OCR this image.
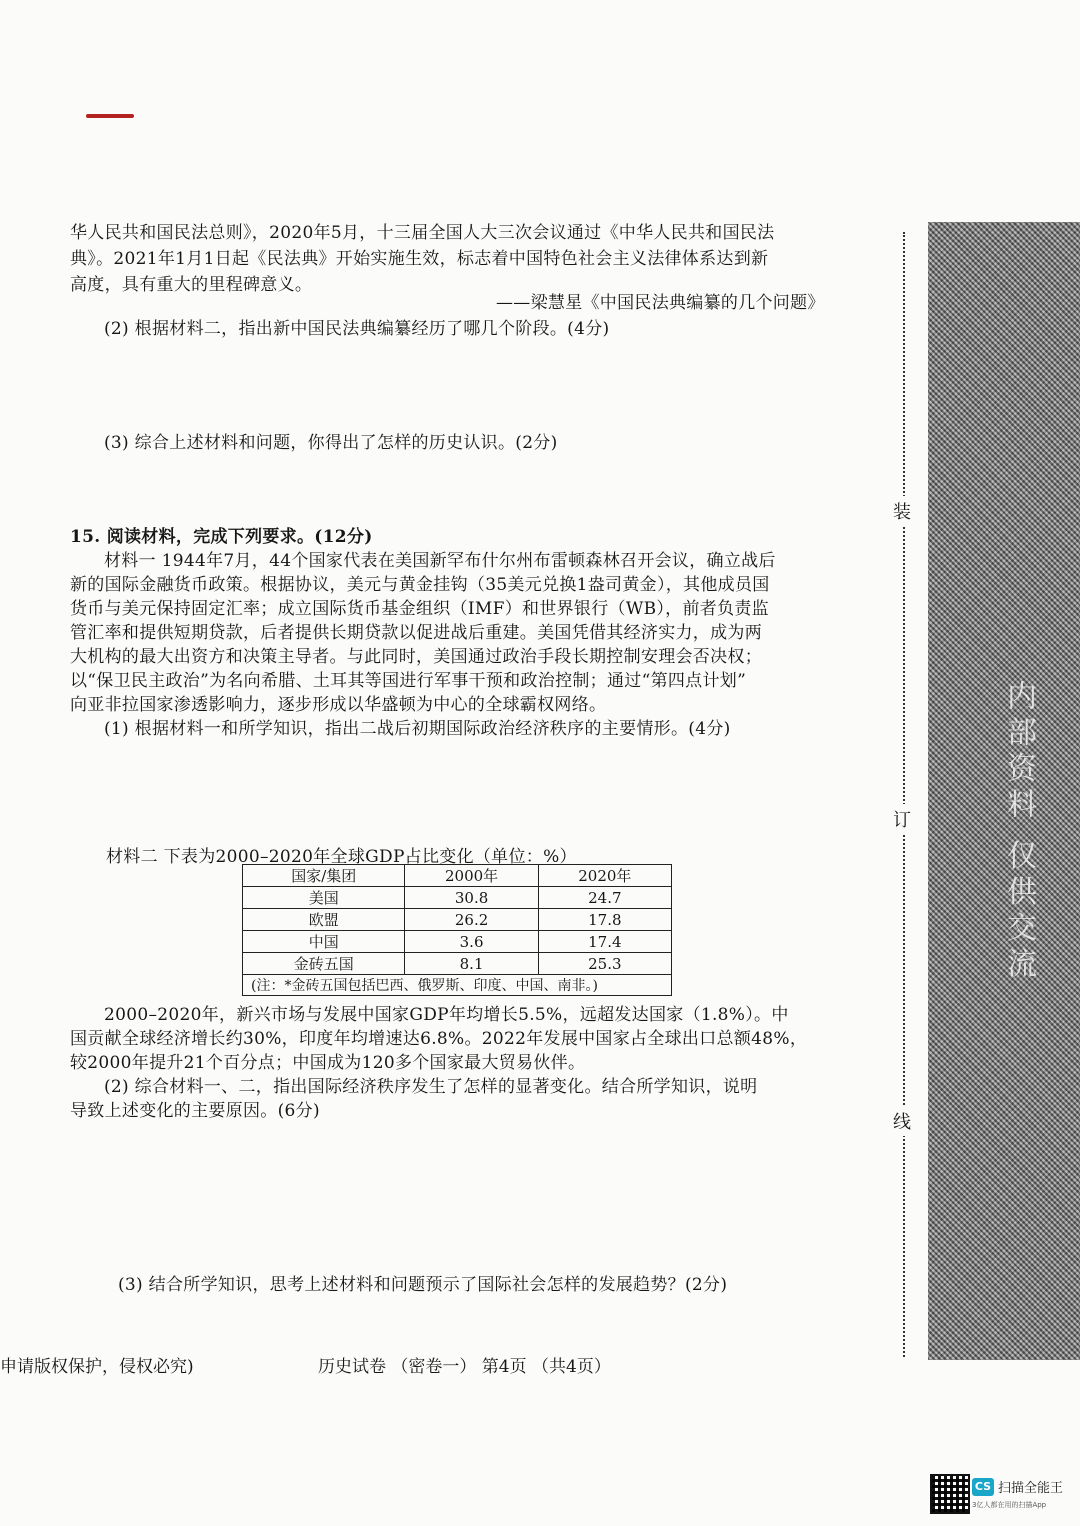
华人民共和国民法总则》，2020年5月，十三届全国人大三次会议通过《中华人民共和国民法
典》。2021年1月1日起《民法典》开始实施生效，标志着中国特色社会主义法律体系达到新
高度，具有重大的里程碑意义。
——梁慧星《中国民法典编纂的几个问题》
(2) 根据材料二，指出新中国民法典编纂经历了哪几个阶段。(4分)
(3) 综合上述材料和问题，你得出了怎样的历史认识。(2分)
15. 阅读材料，完成下列要求。(12分)
材料一 1944年7月，44个国家代表在美国新罕布什尔州布雷顿森林召开会议，确立战后
新的国际金融货币政策。根据协议，美元与黄金挂钩（35美元兑换1盎司黄金），其他成员国
货币与美元保持固定汇率；成立国际货币基金组织（IMF）和世界银行（WB），前者负责监
管汇率和提供短期贷款，后者提供长期贷款以促进战后重建。美国凭借其经济实力，成为两
大机构的最大出资方和决策主导者。与此同时，美国通过政治手段长期控制安理会否决权；
以“保卫民主政治”为名向希腊、土耳其等国进行军事干预和政治控制；通过“第四点计划”
向亚非拉国家渗透影响力，逐步形成以华盛顿为中心的全球霸权网络。
(1) 根据材料一和所学知识，指出二战后初期国际政治经济秩序的主要情形。(4分)
材料二 下表为2000–2020年全球GDP占比变化（单位：%）
国家/集团	2000年	2020年
美国	30.8	24.7
欧盟	26.2	17.8
中国	3.6	17.4
金砖五国	8.1	25.3
(注：*金砖五国包括巴西、俄罗斯、印度、中国、南非。)		
2000–2020年，新兴市场与发展中国家GDP年均增长5.5%，远超发达国家（1.8%）。中
国贡献全球经济增长约30%，印度年均增速达6.8%。2022年发展中国家占全球出口总额48%，
较2000年提升21个百分点；中国成为120多个国家最大贸易伙伴。
(2) 综合材料一、二，指出国际经济秩序发生了怎样的显著变化。结合所学知识，说明
导致上述变化的主要原因。(6分)
(3) 结合所学知识，思考上述材料和问题预示了国际社会怎样的发展趋势？(2分)
装
订
线
内部资料 仅供交流
申请版权保护，侵权必究)	历史试卷 （密卷一） 第4页 （共4页）
CS 扫描全能王
3亿人都在用的扫描App
